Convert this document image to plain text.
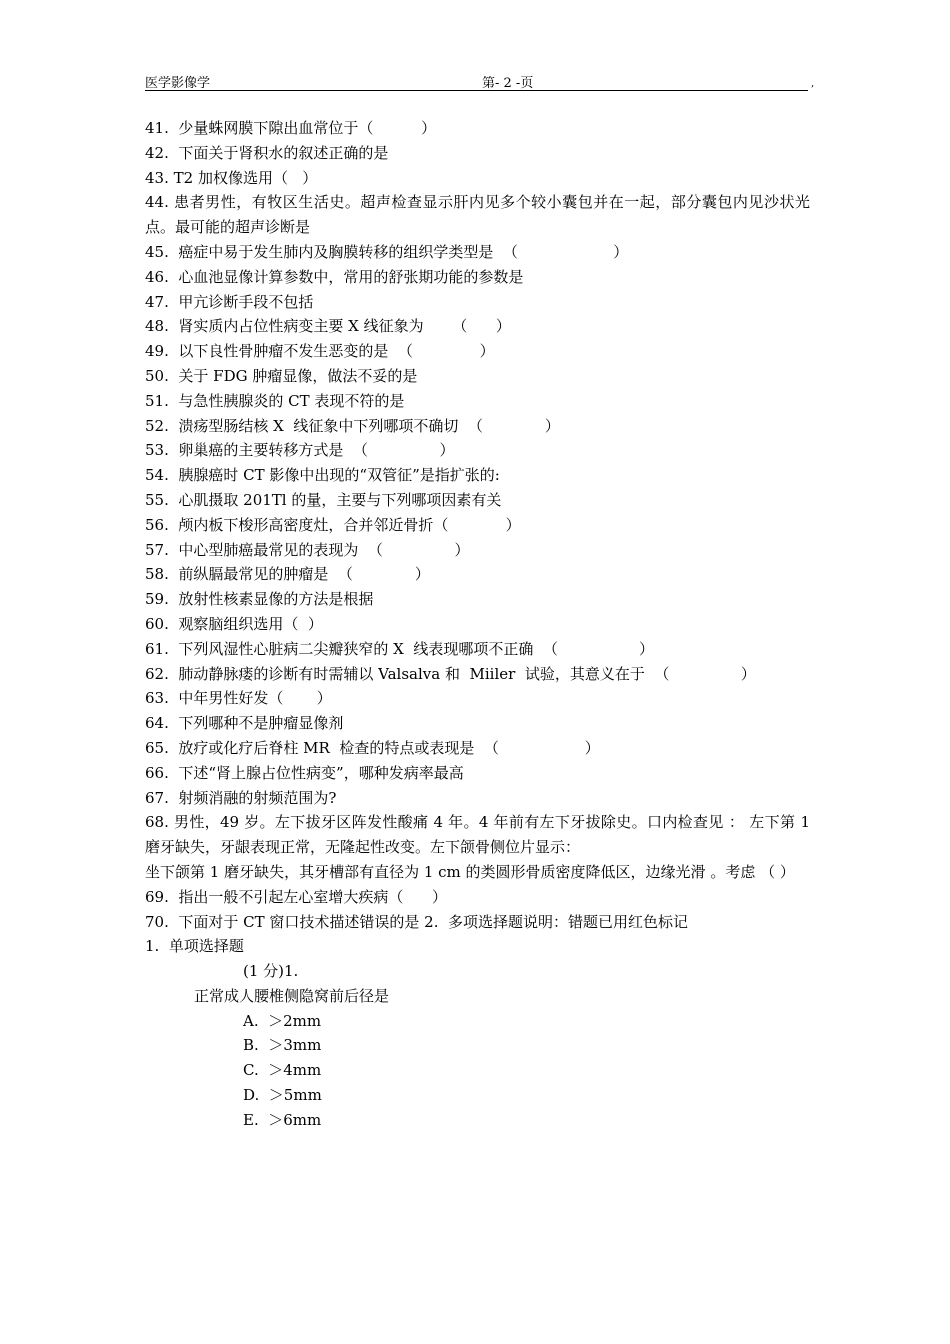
医学影像学	第- 2 -页	,
41.  少量蛛网膜下隙出血常位于（          ）
42.  下面关于肾积水的叙述正确的是
43. T2 加权像选用（   ）
44. 患者男性，有牧区生活史。超声检查显示肝内见多个较小囊包并在一起，部分囊包内见沙状光点。最可能的超声诊断是
45.  癌症中易于发生肺内及胸膜转移的组织学类型是  （                    ）
46.  心血池显像计算参数中，常用的舒张期功能的参数是
47.  甲亢诊断手段不包括
48.  肾实质内占位性病变主要 X 线征象为      （      ）
49.  以下良性骨肿瘤不发生恶变的是  （              ）
50.  关于 FDG 肿瘤显像，做法不妥的是
51.  与急性胰腺炎的 CT 表现不符的是
52.  溃疡型肠结核 X  线征象中下列哪项不确切  （             ）
53.  卵巢癌的主要转移方式是  （               ）
54.  胰腺癌时 CT 影像中出现的“双管征”是指扩张的:
55.  心肌摄取 201Tl 的量，主要与下列哪项因素有关
56.  颅内板下梭形高密度灶，合并邻近骨折（            ）
57.  中心型肺癌最常见的表现为  （               ）
58.  前纵膈最常见的肿瘤是  （             ）
59.  放射性核素显像的方法是根据
60.  观察脑组织选用（  ）
61.  下列风湿性心脏病二尖瓣狭窄的 X  线表现哪项不正确  （                 ）
62.  肺动静脉瘘的诊断有时需辅以 Valsalva 和  Miiler  试验，其意义在于  （               ）
63.  中年男性好发（       ）
64.  下列哪种不是肿瘤显像剂
65.  放疗或化疗后脊柱 MR  检查的特点或表现是  （                  ）
66.  下述“肾上腺占位性病变”，哪种发病率最高
67.  射频消融的射频范围为?
68. 男性，49 岁。左下拔牙区阵发性酸痛 4 年。4 年前有左下牙拔除史。口内检查见 ： 左下第 1 磨牙缺失，牙龈表现正常，无隆起性改变。左下颌骨侧位片显示：
坐下颌第 1 磨牙缺失，其牙槽部有直径为 1 cm 的类圆形骨质密度降低区，边缘光滑 。考虑 （ ）
69.  指出一般不引起左心室增大疾病（      ）
70.  下面对于 CT 窗口技术描述错误的是 2.  多项选择题说明：错题已用红色标记
1.  单项选择题
(1 分)1.
正常成人腰椎侧隐窝前后径是
A.  ＞2mm
B.  ＞3mm
C.  ＞4mm
D.  ＞5mm
E.  ＞6mm
